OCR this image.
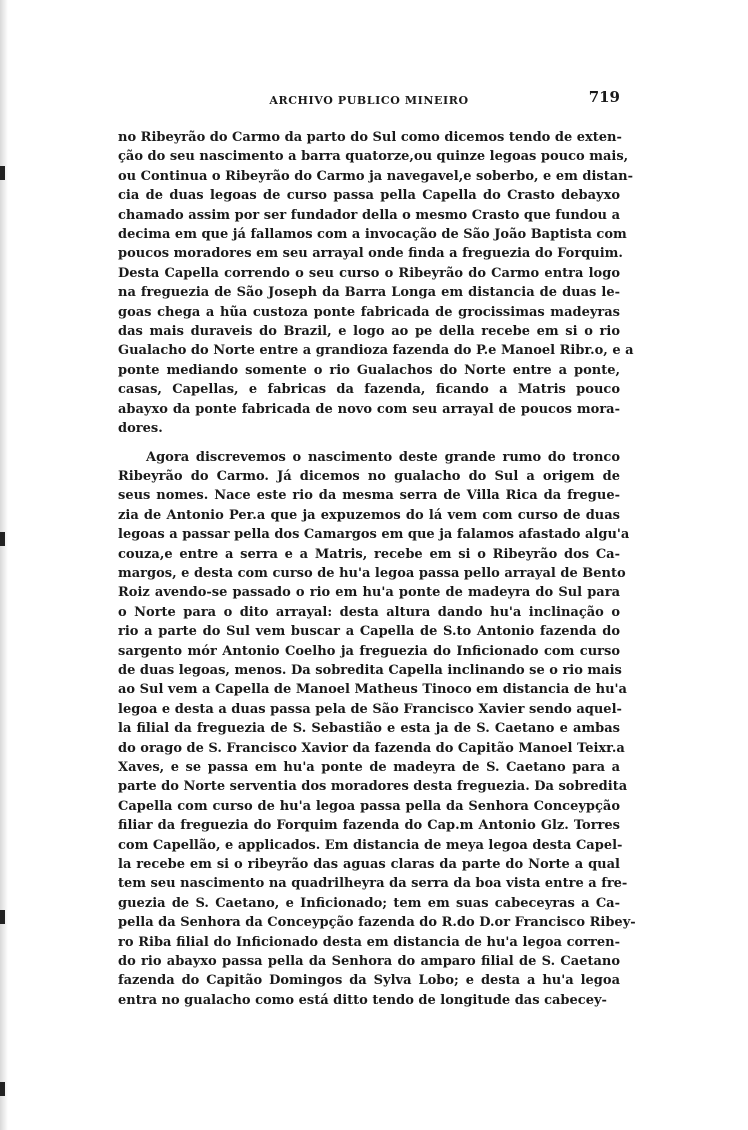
ARCHIVO PUBLICO MINEIRO	719

no Ribeyrão do Carmo da parto do Sul como dicemos tendo de exten-
ção do seu nascimento a barra quatorze,ou quinze legoas pouco mais,
ou Continua o Ribeyrão do Carmo ja navegavel,e soberbo, e em distan-
cia de duas legoas de curso passa pella Capella do Crasto debayxo
chamado assim por ser fundador della o mesmo Crasto que fundou a
decima em que já fallamos com a invocação de São João Baptista com
poucos moradores em seu arrayal onde finda a freguezia do Forquim.
Desta Capella correndo o seu curso o Ribeyrão do Carmo entra logo
na freguezia de São Joseph da Barra Longa em distancia de duas le-
goas chega a hũa custoza ponte fabricada de grocissimas madeyras
das mais duraveis do Brazil, e logo ao pe della recebe em si o rio
Gualacho do Norte entre a grandioza fazenda do P.e Manoel Ribr.o, e a
ponte mediando somente o rio Gualachos do Norte entre a ponte,
casas, Capellas, e fabricas da fazenda, ficando a Matris pouco
abayxo da ponte fabricada de novo com seu arrayal de poucos mora-
dores.

Agora discrevemos o nascimento deste grande rumo do tronco
Ribeyrão do Carmo. Já dicemos no gualacho do Sul a origem de
seus nomes. Nace este rio da mesma serra de Villa Rica da fregue-
zia de Antonio Per.a que ja expuzemos do lá vem com curso de duas
legoas a passar pella dos Camargos em que ja falamos afastado algu'a
couza,e entre a serra e a Matris, recebe em si o Ribeyrão dos Ca-
margos, e desta com curso de hu'a legoa passa pello arrayal de Bento
Roiz avendo-se passado o rio em hu'a ponte de madeyra do Sul para
o Norte para o dito arrayal: desta altura dando hu'a inclinação o
rio a parte do Sul vem buscar a Capella de S.to Antonio fazenda do
sargento mór Antonio Coelho ja freguezia do Inficionado com curso
de duas legoas, menos. Da sobredita Capella inclinando se o rio mais
ao Sul vem a Capella de Manoel Matheus Tinoco em distancia de hu'a
legoa e desta a duas passa pela de São Francisco Xavier sendo aquel-
la filial da freguezia de S. Sebastião e esta ja de S. Caetano e ambas
do orago de S. Francisco Xavior da fazenda do Capitão Manoel Teixr.a
Xaves, e se passa em hu'a ponte de madeyra de S. Caetano para a
parte do Norte serventia dos moradores desta freguezia. Da sobredita
Capella com curso de hu'a legoa passa pella da Senhora Conceypção
filiar da freguezia do Forquim fazenda do Cap.m Antonio Glz. Torres
com Capellão, e applicados. Em distancia de meya legoa desta Capel-
la recebe em si o ribeyrão das aguas claras da parte do Norte a qual
tem seu nascimento na quadrilheyra da serra da boa vista entre a fre-
guezia de S. Caetano, e Inficionado; tem em suas cabeceyras a Ca-
pella da Senhora da Conceypção fazenda do R.do D.or Francisco Ribey-
ro Riba filial do Inficionado desta em distancia de hu'a legoa corren-
do rio abayxo passa pella da Senhora do amparo filial de S. Caetano
fazenda do Capitão Domingos da Sylva Lobo; e desta a hu'a legoa
entra no gualacho como está ditto tendo de longitude das cabecey-
